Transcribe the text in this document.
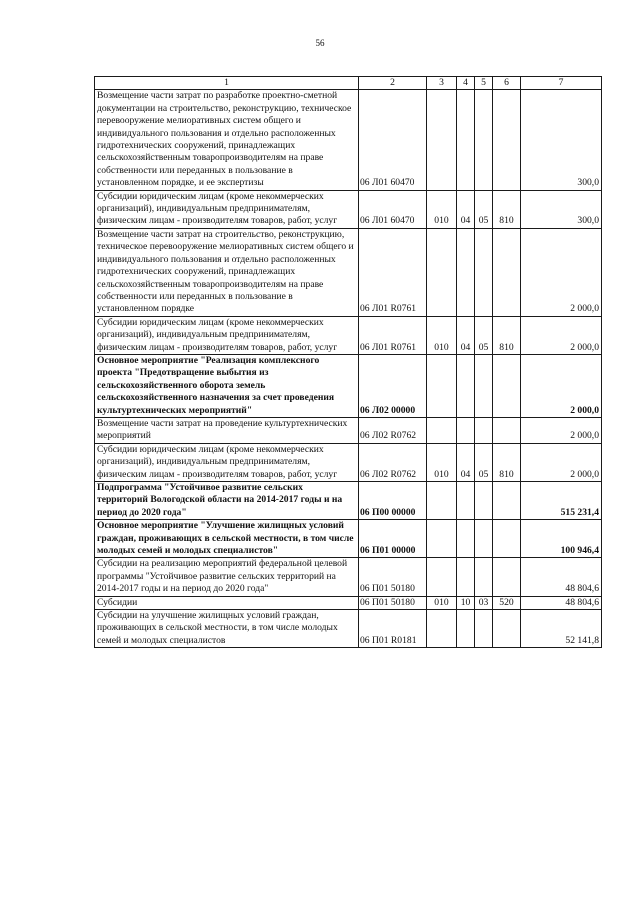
56
1	2	3	4	5	6	7
Возмещение части затрат по разработке проектно-сметной документации на строительство, реконструкцию, техническое перевооружение мелиоративных систем общего и индивидуального пользования и отдельно расположенных гидротехнических сооружений, принадлежащих сельскохозяйственным товаропроизводителям на праве собственности или переданных в пользование в установленном порядке, и ее экспертизы	06 Л01 60470					300,0
Субсидии юридическим лицам (кроме некоммерческих организаций), индивидуальным предпринимателям, физическим лицам - производителям товаров, работ, услуг	06 Л01 60470	010	04	05	810	300,0
Возмещение части затрат на строительство, реконструкцию, техническое перевооружение мелиоративных систем общего и индивидуального пользования и отдельно расположенных гидротехнических сооружений, принадлежащих сельскохозяйственным товаропроизводителям на праве собственности или переданных в пользование в установленном порядке	06 Л01 R0761					2 000,0
Субсидии юридическим лицам (кроме некоммерческих организаций), индивидуальным предпринимателям, физическим лицам - производителям товаров, работ, услуг	06 Л01 R0761	010	04	05	810	2 000,0
Основное мероприятие "Реализация комплексного проекта "Предотвращение выбытия из сельскохозяйственного оборота земель сельскохозяйственного назначения за счет проведения культуртехнических мероприятий"	06 Л02 00000					2 000,0
Возмещение части затрат на проведение культуртехнических мероприятий	06 Л02 R0762					2 000,0
Субсидии юридическим лицам (кроме некоммерческих организаций), индивидуальным предпринимателям, физическим лицам - производителям товаров, работ, услуг	06 Л02 R0762	010	04	05	810	2 000,0
Подпрограмма "Устойчивое развитие сельских территорий Вологодской области на 2014-2017 годы и на период до 2020 года"	06 П00 00000					515 231,4
Основное мероприятие "Улучшение жилищных условий граждан, проживающих в сельской местности, в том числе молодых семей и молодых специалистов"	06 П01 00000					100 946,4
Субсидии на реализацию мероприятий федеральной целевой программы "Устойчивое развитие сельских территорий на 2014-2017 годы и на период до 2020 года"	06 П01 50180					48 804,6
Субсидии	06 П01 50180	010	10	03	520	48 804,6
Субсидии на улучшение жилищных условий граждан, проживающих в сельской местности, в том числе молодых семей и молодых специалистов	06 П01 R0181					52 141,8
